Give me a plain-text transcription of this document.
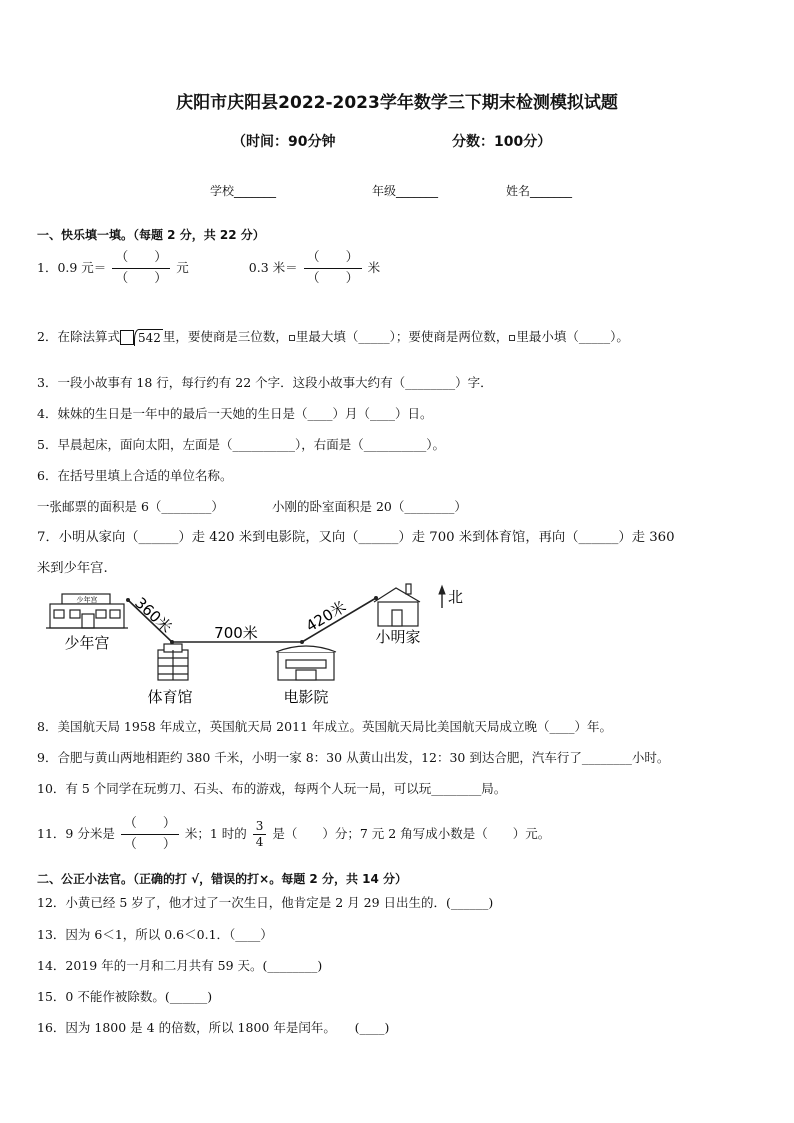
庆阳市庆阳县2022-2023学年数学三下期末检测模拟试题
（时间：90分钟	分数：100分）
学校_______	年级_______	姓名_______
一、快乐填一填。（每题 2 分，共 22 分）
1．0.9 元＝ $\frac{( )}{( )}$ 元	0.3 米＝ $\frac{( )}{( )}$ 米
2．在除法算式 542 里，要使商是三位数， 里最大填（_____）；要使商是两位数， 里最小填（_____）。
3．一段小故事有 18 行，每行约有 22 个字．这段小故事大约有（________）字．
4．妹妹的生日是一年中的最后一天她的生日是（____）月（____）日。
5．早晨起床，面向太阳，左面是（__________），右面是（__________）。
6．在括号里填上合适的单位名称。
一张邮票的面积是 6（________）	小刚的卧室面积是 20（________）
7．小明从家向（______）走 420 米到电影院，又向（______）走 700 米到体育馆，再向（______）走 360
米到少年宫.
少年宫
少年宫
360米	700米	420米
体育馆	电影院
小明家
北
8．美国航天局 1958 年成立，英国航天局 2011 年成立。英国航天局比美国航天局成立晚（____）年。
9．合肥与黄山两地相距约 380 千米，小明一家 8：30 从黄山出发，12：30 到达合肥，汽车行了________小时。
10．有 5 个同学在玩剪刀、石头、布的游戏，每两个人玩一局，可以玩________局。
11．9 分米是 $\frac{( )}{( )}$ 米；1 时的 $\frac{3}{4}$ 是（　　）分；7 元 2 角写成小数是（　　）元。
二、公正小法官。（正确的打 √，错误的打×。每题 2 分，共 14 分）
12．小黄已经 5 岁了，他才过了一次生日，他肯定是 2 月 29 日出生的．(______)
13．因为 6＜1，所以 0.6＜0.1．（____）
14．2019 年的一月和二月共有 59 天。(________)
15．0 不能作被除数。(______)
16．因为 1800 是 4 的倍数，所以 1800 年是闰年。　　(____)
